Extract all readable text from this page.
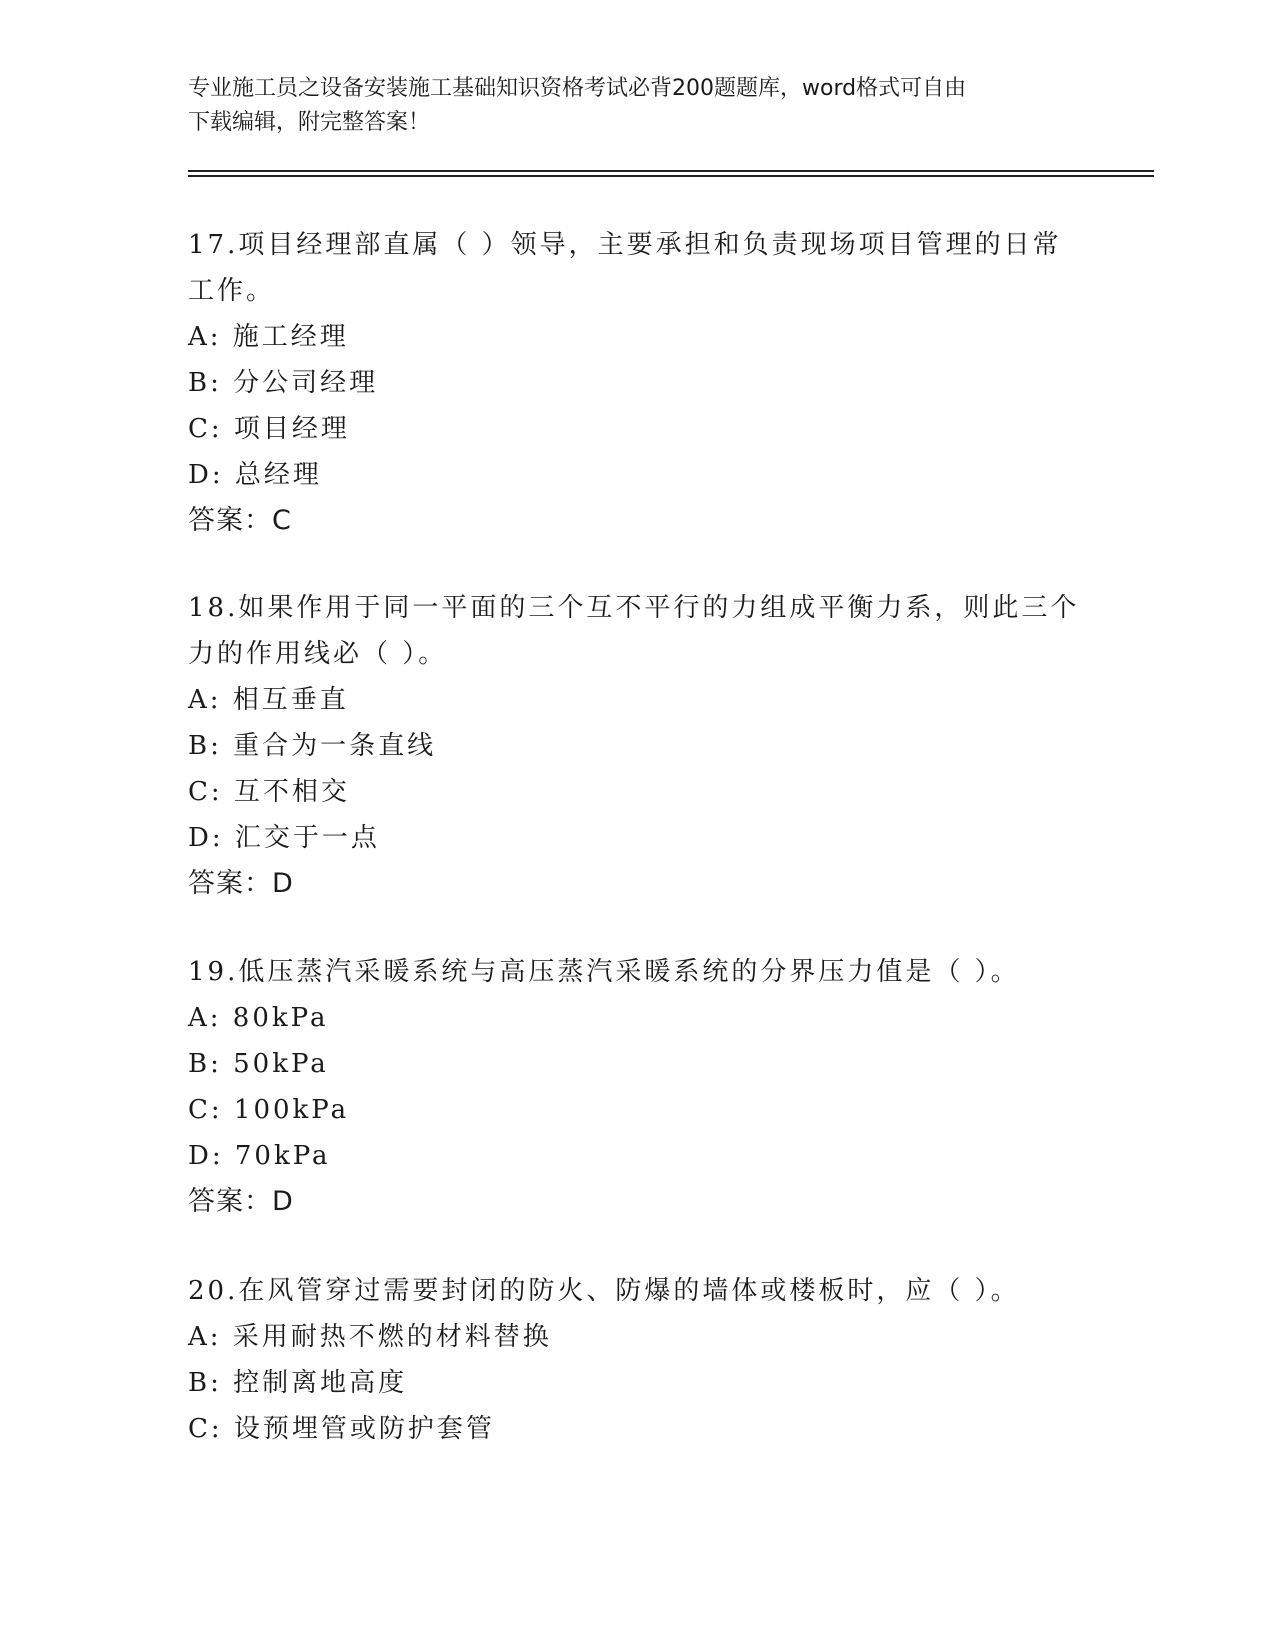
专业施工员之设备安装施工基础知识资格考试必背200题题库，word格式可自由
下载编辑，附完整答案！
17.项目经理部直属（ ）领导，主要承担和负责现场项目管理的日常
工作。
A: 施工经理
B: 分公司经理
C: 项目经理
D: 总经理
答案：C
18.如果作用于同一平面的三个互不平行的力组成平衡力系，则此三个
力的作用线必（ ）。
A: 相互垂直
B: 重合为一条直线
C: 互不相交
D: 汇交于一点
答案：D
19.低压蒸汽采暖系统与高压蒸汽采暖系统的分界压力值是（ ）。
A: 80kPa
B: 50kPa
C: 100kPa
D: 70kPa
答案：D
20.在风管穿过需要封闭的防火、防爆的墙体或楼板时，应（ ）。
A: 采用耐热不燃的材料替换
B: 控制离地高度
C: 设预埋管或防护套管
